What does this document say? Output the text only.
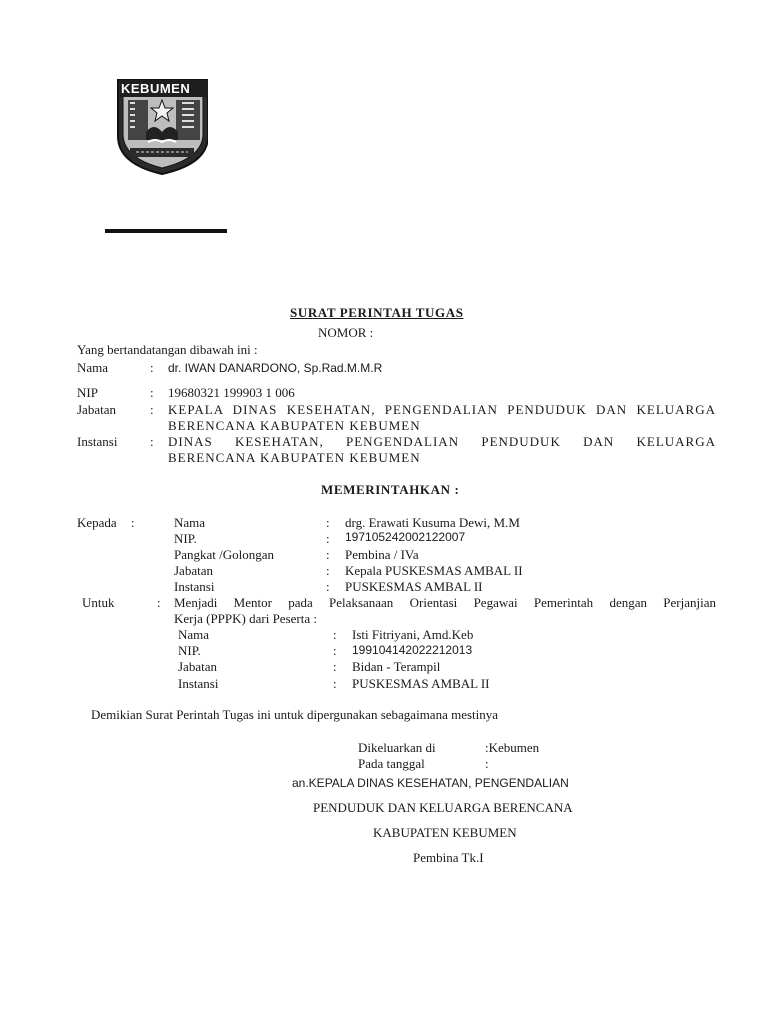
KEBUMEN
SURAT PERINTAH TUGAS
NOMOR :
Yang bertandatangan dibawah ini :
Nama	: dr. IWAN DANARDONO, Sp.Rad.M.M.R
NIP	: 19680321 199903 1 006
Jabatan	: KEPALA DINAS KESEHATAN, PENGENDALIAN PENDUDUK DAN KELUARGA
BERENCANA KABUPATEN KEBUMEN
Instansi	: DINAS KESEHATAN, PENGENDALIAN PENDUDUK DAN KELUARGA
BERENCANA KABUPATEN KEBUMEN
MEMERINTAHKAN :
Kepada :	Nama	: drg. Erawati Kusuma Dewi, M.M
NIP.	: 197105242002122007
Pangkat /Golongan	: Pembina / IVa
Jabatan	: Kepala PUSKESMAS AMBAL II
Instansi	: PUSKESMAS AMBAL II
Untuk	: Menjadi Mentor pada Pelaksanaan Orientasi Pegawai Pemerintah dengan Perjanjian
Kerja (PPPK) dari Peserta :
Nama	: Isti Fitriyani, Amd.Keb
NIP.	: 199104142022212013
Jabatan	: Bidan - Terampil
Instansi	: PUSKESMAS AMBAL II
Demikian Surat Perintah Tugas ini untuk dipergunakan sebagaimana mestinya
Dikeluarkan di	:Kebumen
Pada tanggal	:
an.KEPALA DINAS KESEHATAN, PENGENDALIAN
PENDUDUK DAN KELUARGA BERENCANA
KABUPATEN KEBUMEN
Pembina Tk.I
